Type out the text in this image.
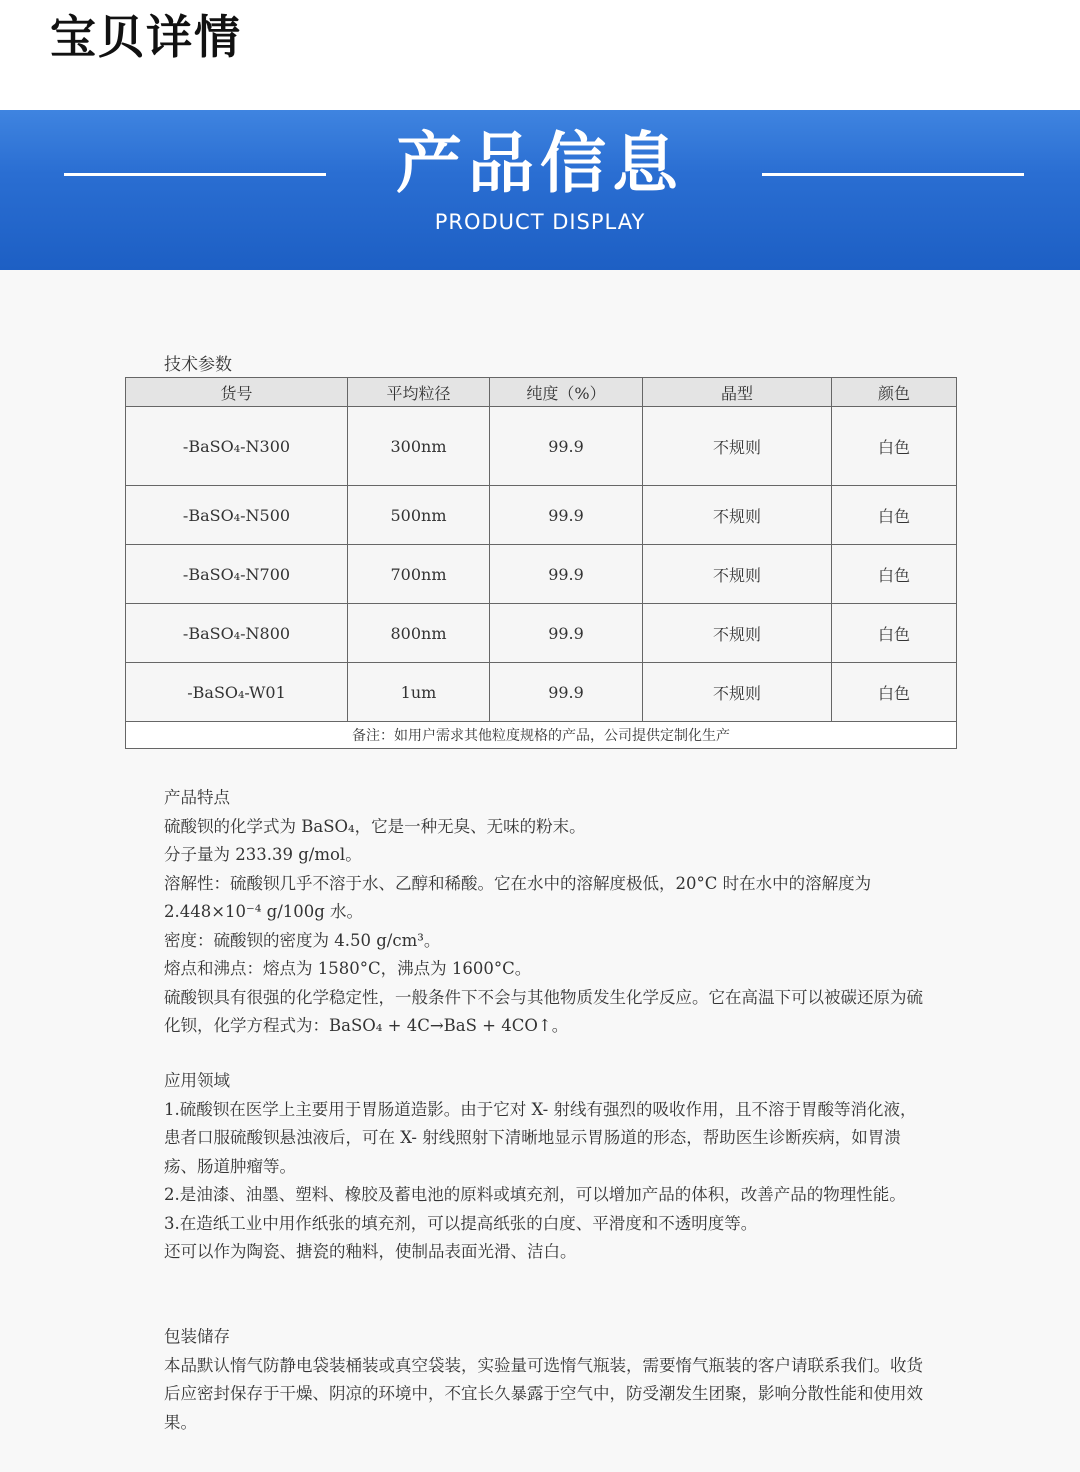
宝贝详情
产品信息
PRODUCT DISPLAY
技术参数
货号	平均粒径	纯度（%）	晶型	颜色
-BaSO₄-N300	300nm	99.9	不规则	白色
-BaSO₄-N500	500nm	99.9	不规则	白色
-BaSO₄-N700	700nm	99.9	不规则	白色
-BaSO₄-N800	800nm	99.9	不规则	白色
-BaSO₄-W01	1um	99.9	不规则	白色
备注：如用户需求其他粒度规格的产品，公司提供定制化生产				

产品特点

硫酸钡的化学式为 BaSO₄，它是一种无臭、无味的粉末。

分子量为 233.39 g/mol。

溶解性：硫酸钡几乎不溶于水、乙醇和稀酸。它在水中的溶解度极低，20°C 时在水中的溶解度为 2.448×10⁻⁴ g/100g 水。

密度：硫酸钡的密度为 4.50 g/cm³。

熔点和沸点：熔点为 1580°C，沸点为 1600°C。

硫酸钡具有很强的化学稳定性，一般条件下不会与其他物质发生化学反应。它在高温下可以被碳还原为硫化钡，化学方程式为：BaSO₄ + 4C→BaS + 4CO↑。

应用领域

1.硫酸钡在医学上主要用于胃肠道造影。由于它对 X- 射线有强烈的吸收作用，且不溶于胃酸等消化液，患者口服硫酸钡悬浊液后，可在 X- 射线照射下清晰地显示胃肠道的形态，帮助医生诊断疾病，如胃溃疡、肠道肿瘤等。

2.是油漆、油墨、塑料、橡胶及蓄电池的原料或填充剂，可以增加产品的体积，改善产品的物理性能。

3.在造纸工业中用作纸张的填充剂，可以提高纸张的白度、平滑度和不透明度等。

还可以作为陶瓷、搪瓷的釉料，使制品表面光滑、洁白。

包装储存

本品默认惰气防静电袋装桶装或真空袋装，实验量可选惰气瓶装，需要惰气瓶装的客户请联系我们。收货后应密封保存于干燥、阴凉的环境中，不宜长久暴露于空气中，防受潮发生团聚，影响分散性能和使用效果。
